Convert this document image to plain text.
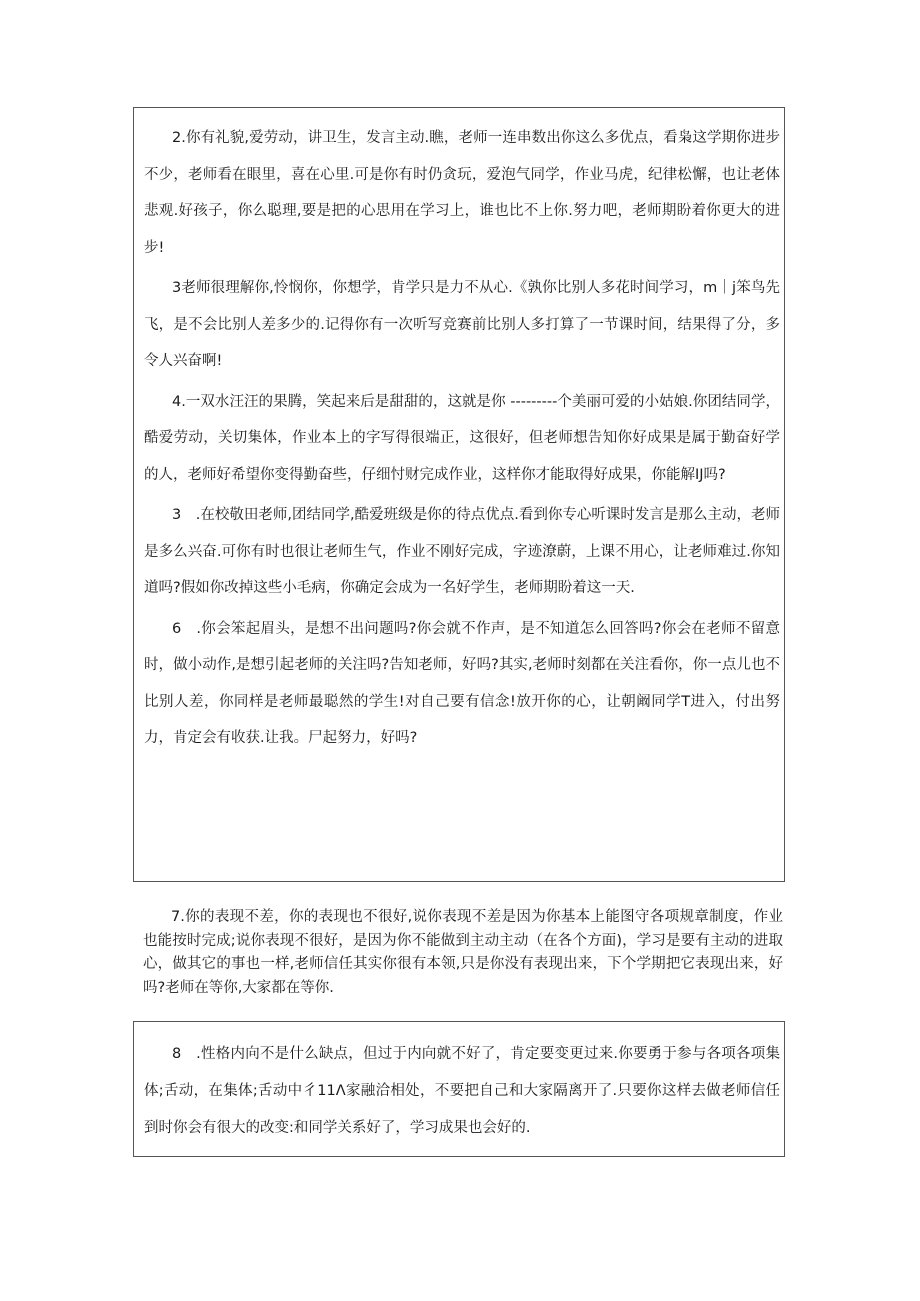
2.你有礼貌,爱劳动，讲卫生，发言主动.瞧，老师一连串数出你这么多优点，看枭这学期你进步不少，老师看在眼里，喜在心里.可是你有时仍贪玩，爱泡气同学，作业马虎，纪律松懈，也让老体悲观.好孩子，你么聪理,要是把的心思用在学习上，谁也比不上你.努力吧，老师期盼着你更大的进步!

3老师很理解你,怜悯你，你想学，肯学只是力不从心.《孰你比别人多花时间学习，m｜j笨鸟先飞，是不会比别人差多少的.记得你有一次听写竞赛前比别人多打算了一节课时间，结果得了分，多令人兴奋啊!

4.一双水汪汪的果腾，笑起来后是甜甜的，这就是你 ---------个美丽可爱的小姑娘.你团结同学，酷爱劳动，关切集体，作业本上的字写得很端正，这很好，但老师想告知你好成果是属于勤奋好学的人，老师好希望你变得勤奋些，仔细忖财完成作业，这样你才能取得好成果，你能解IJ吗?

3　.在校敬田老师,团结同学,酷爱班级是你的待点优点.看到你专心听课时发言是那么主动，老师是多么兴奋.可你有时也很让老师生气，作业不刚好完成，字迹潦蔚，上课不用心，让老师难过.你知道吗?假如你改掉这些小毛病，你确定会成为一名好学生，老师期盼着这一天.

6　.你会笨起眉头，是想不出问题吗?你会就不作声，是不知道怎么回答吗?你会在老师不留意时，做小动作,是想引起老师的关注吗?告知老师，好吗?其实,老师时刻都在关注看你，你一点儿也不比别人差，你同样是老师最聪然的学生!对自己要有信念!放开你的心，让朝阚同学T进入，付出努力，肯定会有收获.让我。尸起努力，好吗?

7.你的表现不差，你的表现也不很好,说你表现不差是因为你基本上能图守各项规章制度，作业也能按时完成;说你表现不很好，是因为你不能做到主动主动（在各个方面)，学习是要有主动的进取心，做其它的事也一样,老师信任其实你很有本领,只是你没有表现出来，下个学期把它表现出来，好吗?老师在等你,大家都在等你.

8　.性格内向不是什么缺点，但过于内向就不好了，肯定要变更过来.你要勇于参与各项各项集体;舌动，在集体;舌动中彳11Λ家融洽相处，不要把自己和大家隔离开了.只要你这样去做老师信任到时你会有很大的改变:和同学关系好了，学习成果也会好的.
